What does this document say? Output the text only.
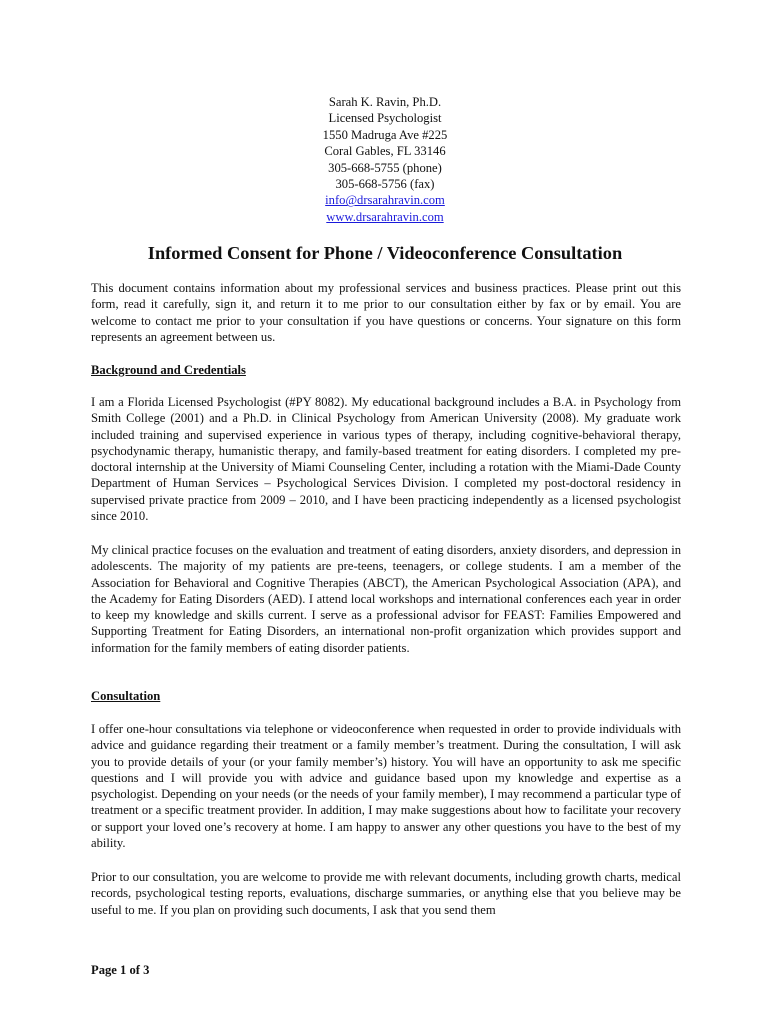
Sarah K. Ravin, Ph.D.
Licensed Psychologist
1550 Madruga Ave #225
Coral Gables, FL 33146
305-668-5755 (phone)
305-668-5756 (fax)
info@drsarahravin.com
www.drsarahravin.com
Informed Consent for Phone / Videoconference Consultation

This document contains information about my professional services and business practices. Please print out this form, read it carefully, sign it, and return it to me prior to our consultation either by fax or by email. You are welcome to contact me prior to your consultation if you have questions or concerns. Your signature on this form represents an agreement between us.

Background and Credentials

I am a Florida Licensed Psychologist (#PY 8082). My educational background includes a B.A. in Psychology from Smith College (2001) and a Ph.D. in Clinical Psychology from American University (2008). My graduate work included training and supervised experience in various types of therapy, including cognitive-behavioral therapy, psychodynamic therapy, humanistic therapy, and family-based treatment for eating disorders. I completed my pre-doctoral internship at the University of Miami Counseling Center, including a rotation with the Miami-Dade County Department of Human Services – Psychological Services Division. I completed my post-doctoral residency in supervised private practice from 2009 – 2010, and I have been practicing independently as a licensed psychologist since 2010.

My clinical practice focuses on the evaluation and treatment of eating disorders, anxiety disorders, and depression in adolescents. The majority of my patients are pre-teens, teenagers, or college students. I am a member of the Association for Behavioral and Cognitive Therapies (ABCT), the American Psychological Association (APA), and the Academy for Eating Disorders (AED). I attend local workshops and international conferences each year in order to keep my knowledge and skills current. I serve as a professional advisor for FEAST: Families Empowered and Supporting Treatment for Eating Disorders, an international non-profit organization which provides support and information for the family members of eating disorder patients.

Consultation

I offer one-hour consultations via telephone or videoconference when requested in order to provide individuals with advice and guidance regarding their treatment or a family member’s treatment. During the consultation, I will ask you to provide details of your (or your family member’s) history. You will have an opportunity to ask me specific questions and I will provide you with advice and guidance based upon my knowledge and expertise as a psychologist. Depending on your needs (or the needs of your family member), I may recommend a particular type of treatment or a specific treatment provider. In addition, I may make suggestions about how to facilitate your recovery or support your loved one’s recovery at home. I am happy to answer any other questions you have to the best of my ability.

Prior to our consultation, you are welcome to provide me with relevant documents, including growth charts, medical records, psychological testing reports, evaluations, discharge summaries, or anything else that you believe may be useful to me. If you plan on providing such documents, I ask that you send them

Page 1 of 3
